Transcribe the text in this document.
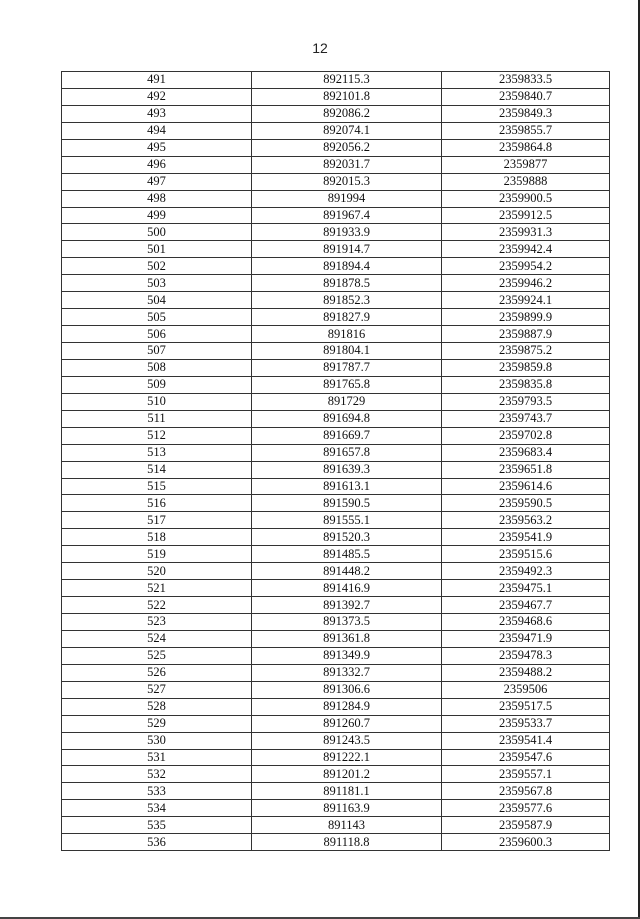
12
491	892115.3	2359833.5
492	892101.8	2359840.7
493	892086.2	2359849.3
494	892074.1	2359855.7
495	892056.2	2359864.8
496	892031.7	2359877
497	892015.3	2359888
498	891994	2359900.5
499	891967.4	2359912.5
500	891933.9	2359931.3
501	891914.7	2359942.4
502	891894.4	2359954.2
503	891878.5	2359946.2
504	891852.3	2359924.1
505	891827.9	2359899.9
506	891816	2359887.9
507	891804.1	2359875.2
508	891787.7	2359859.8
509	891765.8	2359835.8
510	891729	2359793.5
511	891694.8	2359743.7
512	891669.7	2359702.8
513	891657.8	2359683.4
514	891639.3	2359651.8
515	891613.1	2359614.6
516	891590.5	2359590.5
517	891555.1	2359563.2
518	891520.3	2359541.9
519	891485.5	2359515.6
520	891448.2	2359492.3
521	891416.9	2359475.1
522	891392.7	2359467.7
523	891373.5	2359468.6
524	891361.8	2359471.9
525	891349.9	2359478.3
526	891332.7	2359488.2
527	891306.6	2359506
528	891284.9	2359517.5
529	891260.7	2359533.7
530	891243.5	2359541.4
531	891222.1	2359547.6
532	891201.2	2359557.1
533	891181.1	2359567.8
534	891163.9	2359577.6
535	891143	2359587.9
536	891118.8	2359600.3
